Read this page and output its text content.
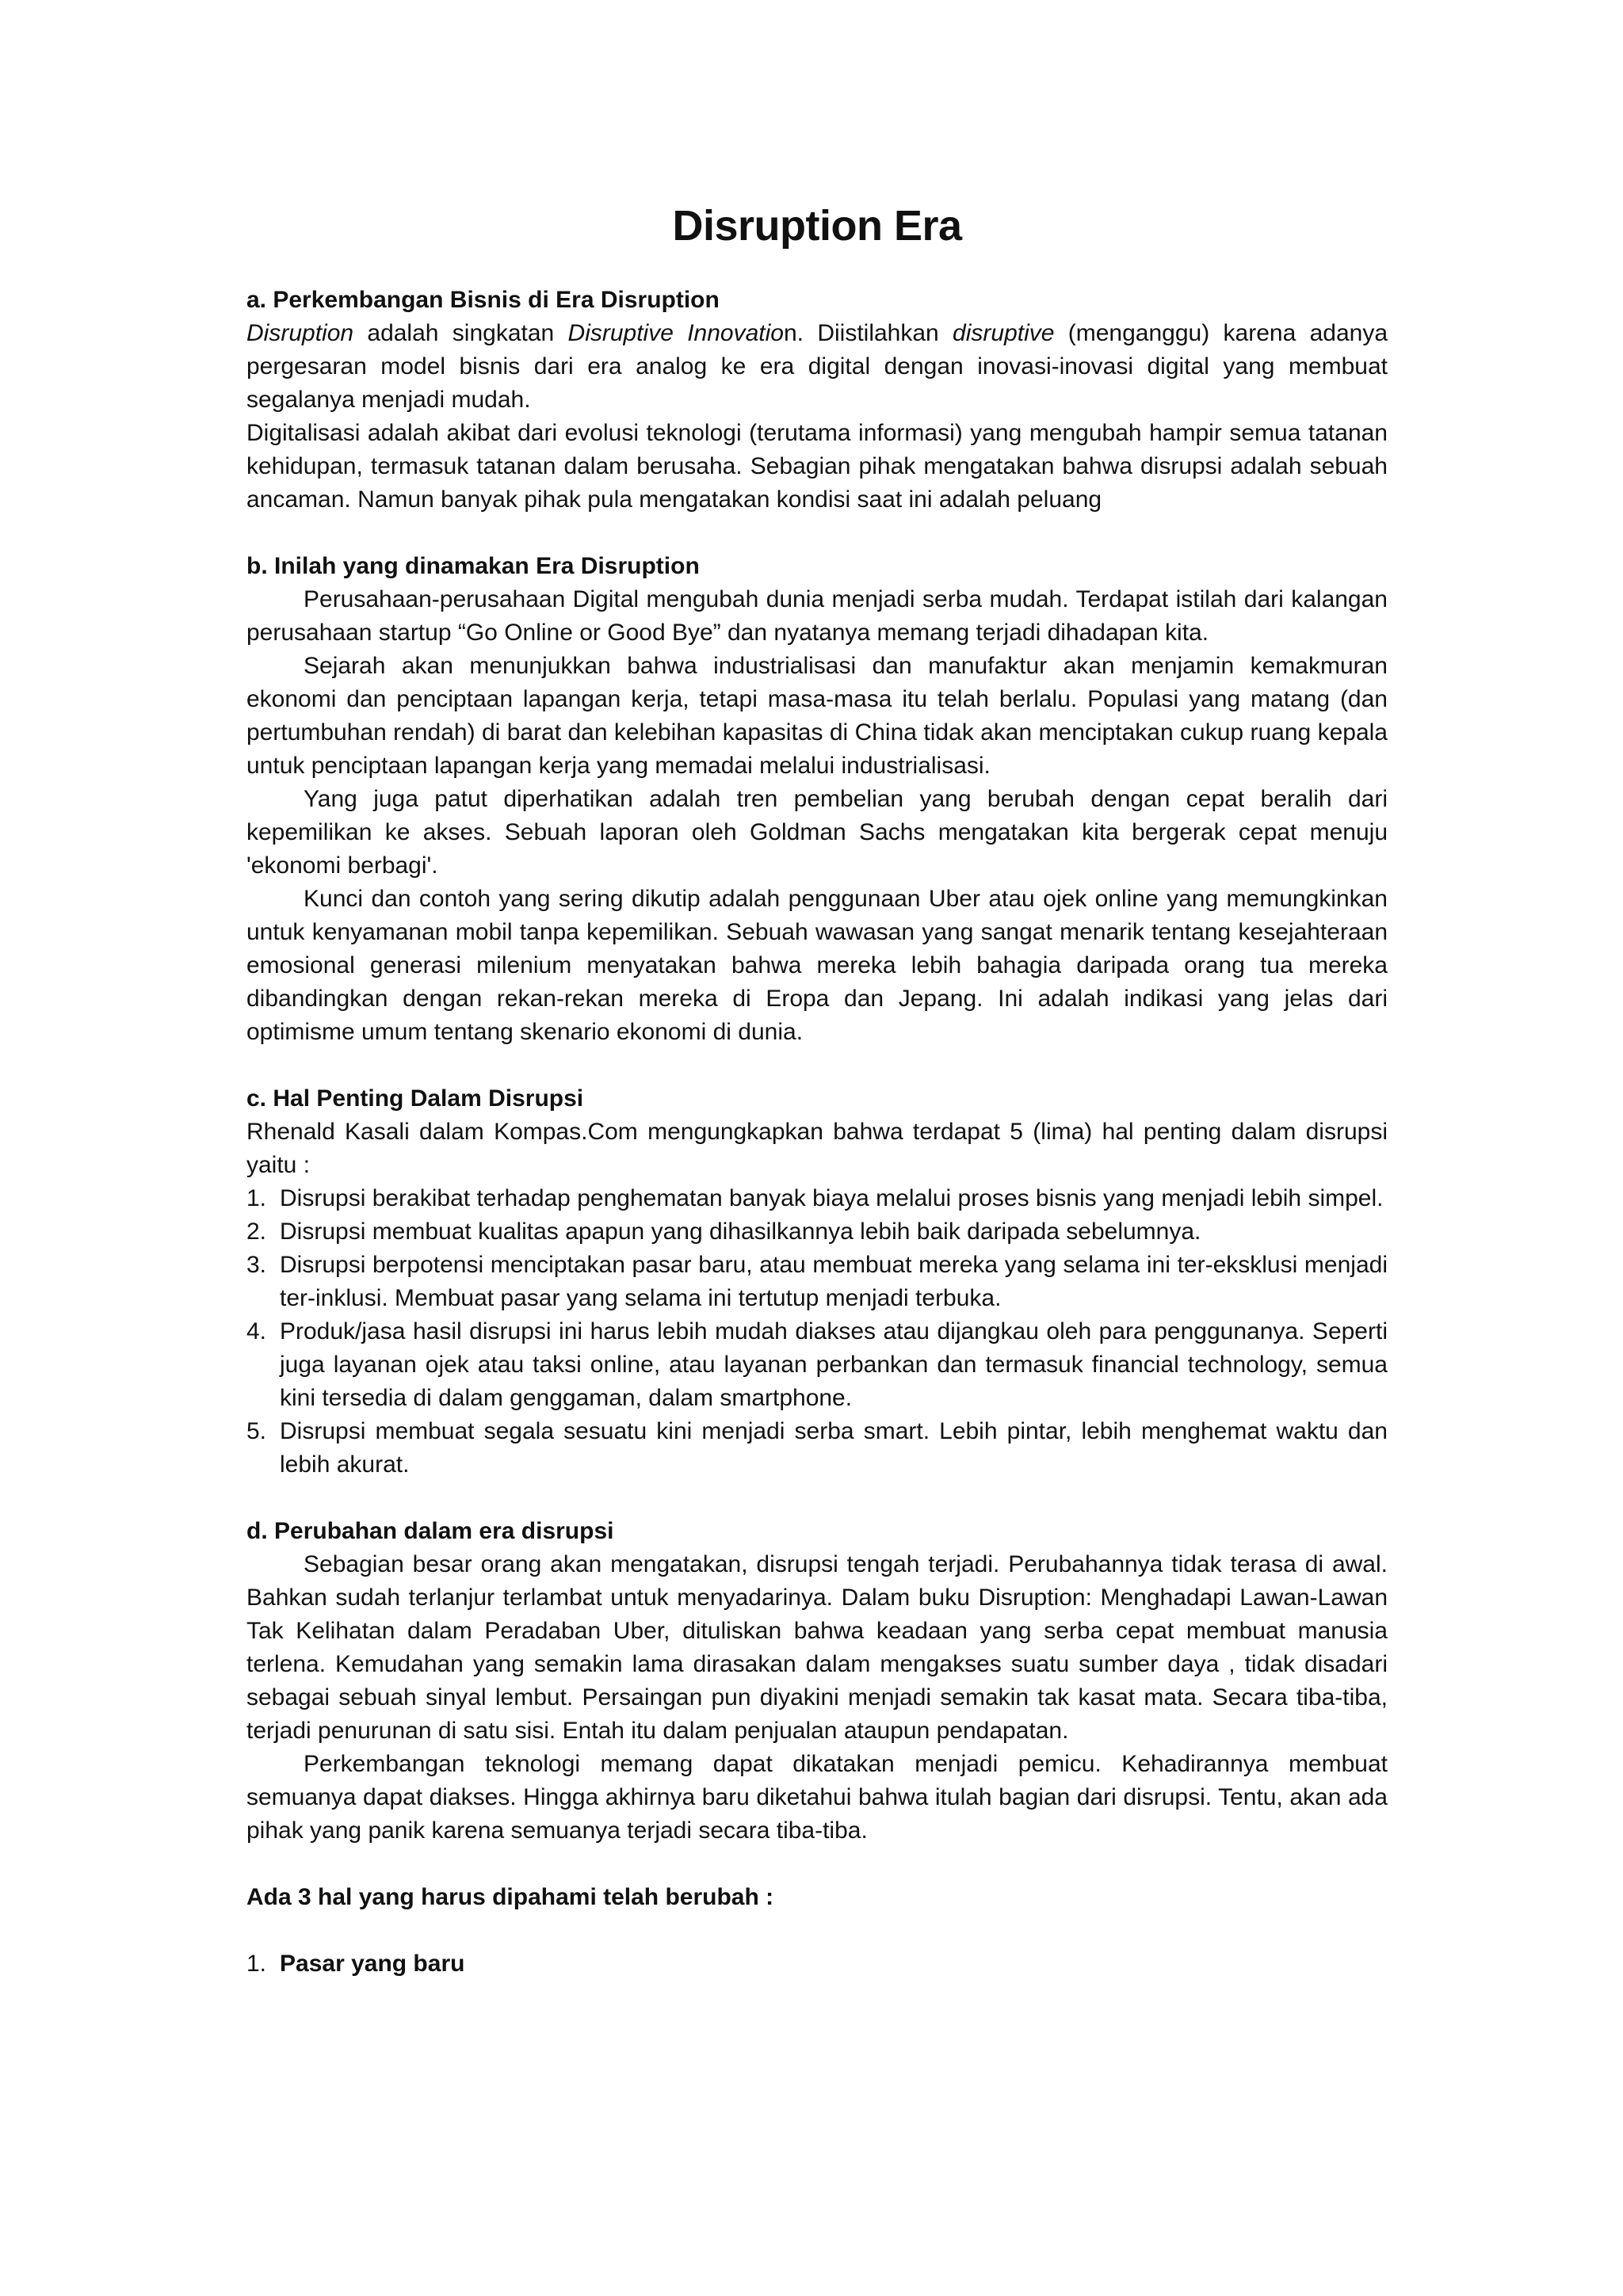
Disruption Era
a. Perkembangan Bisnis di Era Disruption

Disruption adalah singkatan Disruptive Innovation. Diistilahkan disruptive (menganggu) karena adanya pergesaran model bisnis dari era analog ke era digital dengan inovasi-inovasi digital yang membuat segalanya menjadi mudah.

Digitalisasi adalah akibat dari evolusi teknologi (terutama informasi) yang mengubah hampir semua tatanan kehidupan, termasuk tatanan dalam berusaha. Sebagian pihak mengatakan bahwa disrupsi adalah sebuah ancaman. Namun banyak pihak pula mengatakan kondisi saat ini adalah peluang

b. Inilah yang dinamakan Era Disruption

Perusahaan-perusahaan Digital mengubah dunia menjadi serba mudah. Terdapat istilah dari kalangan perusahaan startup “Go Online or Good Bye” dan nyatanya memang terjadi dihadapan kita.

Sejarah akan menunjukkan bahwa industrialisasi dan manufaktur akan menjamin kemakmuran ekonomi dan penciptaan lapangan kerja, tetapi masa-masa itu telah berlalu. Populasi yang matang (dan pertumbuhan rendah) di barat dan kelebihan kapasitas di China tidak akan menciptakan cukup ruang kepala untuk penciptaan lapangan kerja yang memadai melalui industrialisasi.

Yang juga patut diperhatikan adalah tren pembelian yang berubah dengan cepat beralih dari kepemilikan ke akses. Sebuah laporan oleh Goldman Sachs mengatakan kita bergerak cepat menuju 'ekonomi berbagi'.

Kunci dan contoh yang sering dikutip adalah penggunaan Uber atau ojek online yang memungkinkan untuk kenyamanan mobil tanpa kepemilikan. Sebuah wawasan yang sangat menarik tentang kesejahteraan emosional generasi milenium menyatakan bahwa mereka lebih bahagia daripada orang tua mereka dibandingkan dengan rekan-rekan mereka di Eropa dan Jepang. Ini adalah indikasi yang jelas dari optimisme umum tentang skenario ekonomi di dunia.

c. Hal Penting Dalam Disrupsi

Rhenald Kasali dalam Kompas.Com mengungkapkan bahwa terdapat 5 (lima) hal penting dalam disrupsi yaitu :

1. Disrupsi berakibat terhadap penghematan banyak biaya melalui proses bisnis yang menjadi lebih simpel.
2. Disrupsi membuat kualitas apapun yang dihasilkannya lebih baik daripada sebelumnya.
3. Disrupsi berpotensi menciptakan pasar baru, atau membuat mereka yang selama ini ter-eksklusi menjadi ter-inklusi. Membuat pasar yang selama ini tertutup menjadi terbuka.
4. Produk/jasa hasil disrupsi ini harus lebih mudah diakses atau dijangkau oleh para penggunanya. Seperti juga layanan ojek atau taksi online, atau layanan perbankan dan termasuk financial technology, semua kini tersedia di dalam genggaman, dalam smartphone.
5. Disrupsi membuat segala sesuatu kini menjadi serba smart. Lebih pintar, lebih menghemat waktu dan lebih akurat.
d. Perubahan dalam era disrupsi

Sebagian besar orang akan mengatakan, disrupsi tengah terjadi. Perubahannya tidak terasa di awal. Bahkan sudah terlanjur terlambat untuk menyadarinya. Dalam buku Disruption: Menghadapi Lawan-Lawan Tak Kelihatan dalam Peradaban Uber, dituliskan bahwa keadaan yang serba cepat membuat manusia terlena. Kemudahan yang semakin lama dirasakan dalam mengakses suatu sumber daya , tidak disadari sebagai sebuah sinyal lembut. Persaingan pun diyakini menjadi semakin tak kasat mata. Secara tiba-tiba, terjadi penurunan di satu sisi. Entah itu dalam penjualan ataupun pendapatan.

Perkembangan teknologi memang dapat dikatakan menjadi pemicu. Kehadirannya membuat semuanya dapat diakses. Hingga akhirnya baru diketahui bahwa itulah bagian dari disrupsi. Tentu, akan ada pihak yang panik karena semuanya terjadi secara tiba-tiba.

Ada 3 hal yang harus dipahami telah berubah :
1. Pasar yang baru
